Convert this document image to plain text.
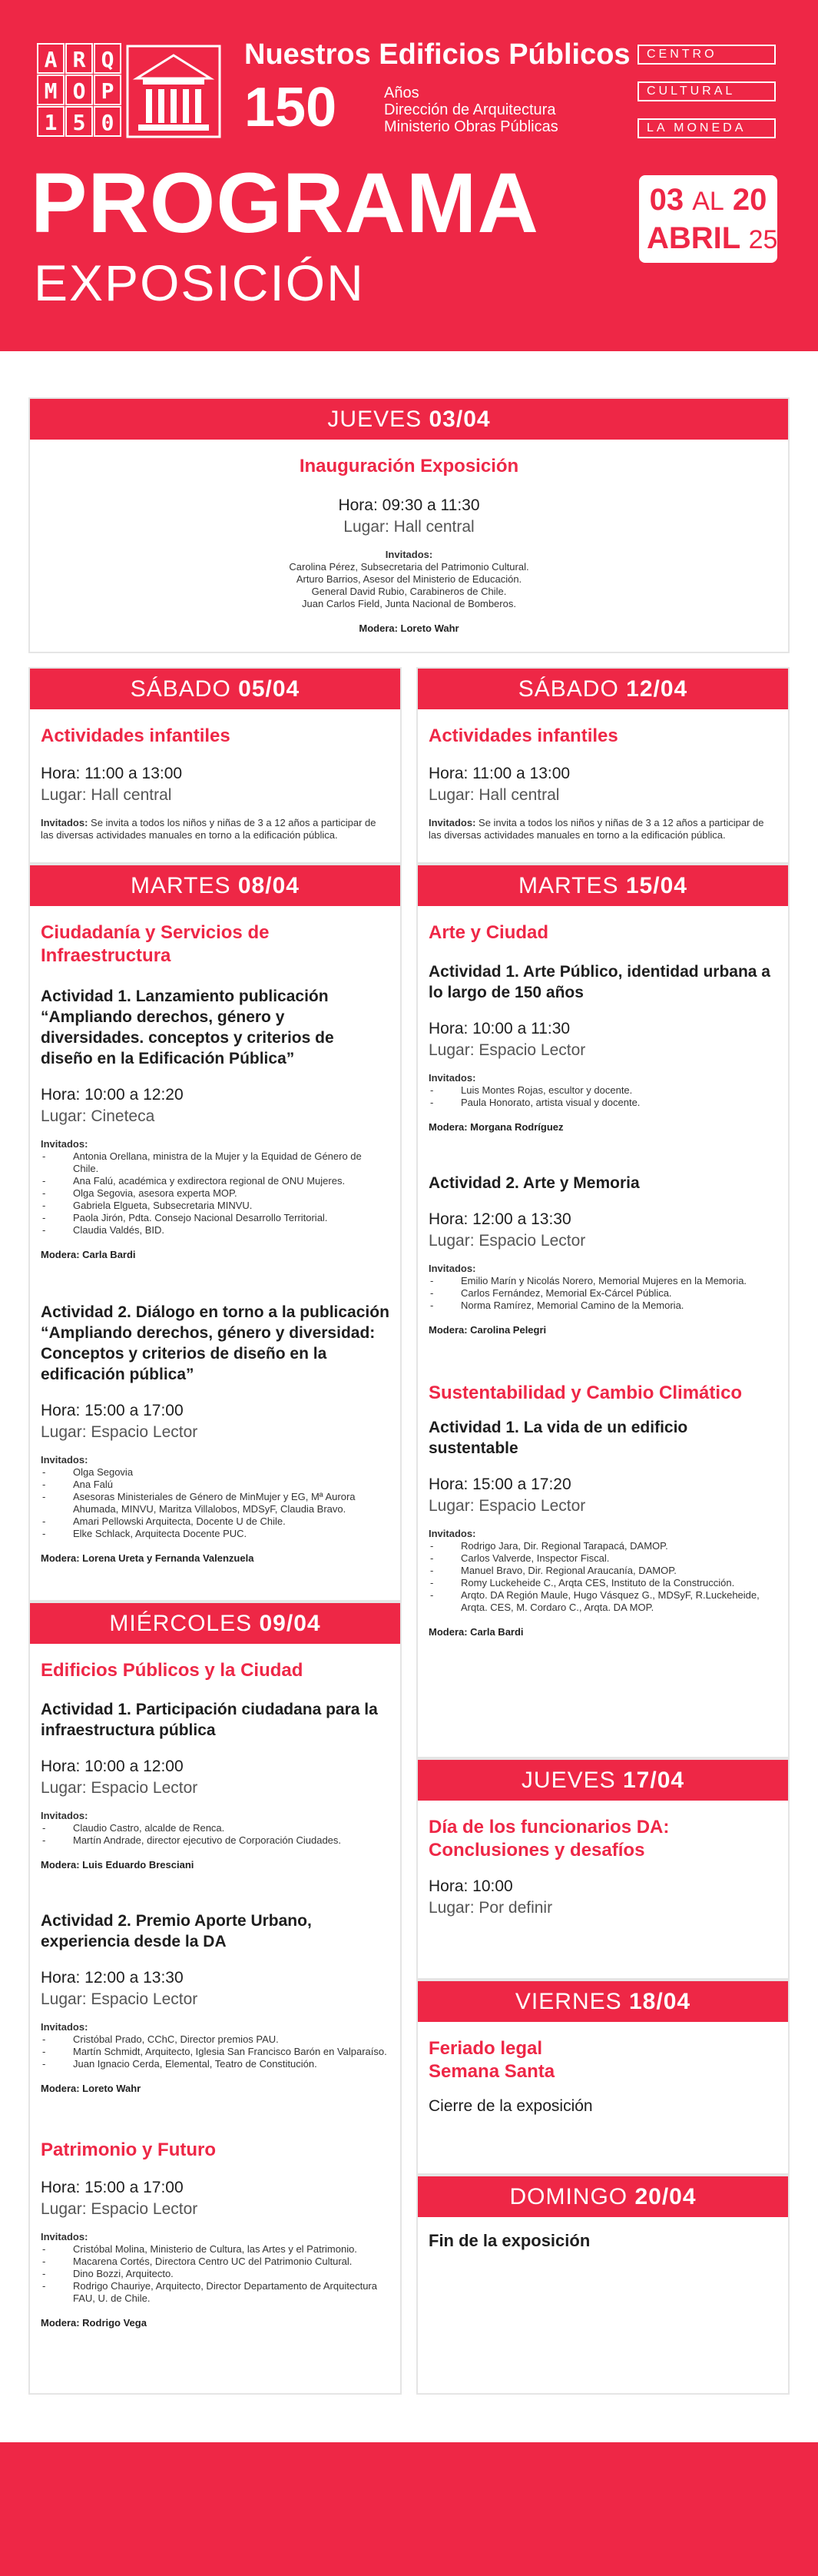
A R Q
M O P
1 5 0
Nuestros Edificios Públicos
150	Años
Dirección de Arquitectura
Ministerio Obras Públicas
CENTRO
CULTURAL
LA MONEDA
PROGRAMA
EXPOSICIÓN
03 AL 20
ABRIL 25
JUEVES 03/04
Inauguración Exposición
Hora: 09:30 a 11:30
Lugar: Hall central
Invitados:
Carolina Pérez, Subsecretaria del Patrimonio Cultural.
Arturo Barrios, Asesor del Ministerio de Educación.
General David Rubio, Carabineros de Chile.
Juan Carlos Field, Junta Nacional de Bomberos.
Modera: Loreto Wahr
SÁBADO 05/04
Actividades infantiles
Hora: 11:00 a 13:00
Lugar: Hall central
Invitados: Se invita a todos los niños y niñas de 3 a 12 años a participar de las diversas actividades manuales en torno a la edificación pública.
SÁBADO 12/04
Actividades infantiles
Hora: 11:00 a 13:00
Lugar: Hall central
Invitados: Se invita a todos los niños y niñas de 3 a 12 años a participar de las diversas actividades manuales en torno a la edificación pública.
MARTES 08/04
Ciudadanía y Servicios de Infraestructura
Actividad 1. Lanzamiento publicación “Ampliando derechos, género y diversidades. conceptos y criterios de diseño en la Edificación Pública”
Hora: 10:00 a 12:20
Lugar: Cineteca
Invitados:
- Antonia Orellana, ministra de la Mujer y la Equidad de Género de Chile.
- Ana Falú, académica y exdirectora regional de ONU Mujeres.
- Olga Segovia, asesora experta MOP.
- Gabriela Elgueta, Subsecretaria MINVU.
- Paola Jirón, Pdta. Consejo Nacional Desarrollo Territorial.
- Claudia Valdés, BID.
Modera: Carla Bardi
Actividad 2. Diálogo en torno a la publicación “Ampliando derechos, género y diversidad: Conceptos y criterios de diseño en la edificación pública”
Hora: 15:00 a 17:00
Lugar: Espacio Lector
Invitados:
- Olga Segovia
- Ana Falú
- Asesoras Ministeriales de Género de MinMujer y EG, Mª Aurora Ahumada, MINVU, Maritza Villalobos, MDSyF, Claudia Bravo.
- Amari Pellowski Arquitecta, Docente U de Chile.
- Elke Schlack, Arquitecta Docente PUC.
Modera: Lorena Ureta y Fernanda Valenzuela
MARTES 15/04
Arte y Ciudad
Actividad 1. Arte Público, identidad urbana a lo largo de 150 años
Hora: 10:00 a 11:30
Lugar: Espacio Lector
Invitados:
- Luis Montes Rojas, escultor y docente.
- Paula Honorato, artista visual y docente.
Modera: Morgana Rodríguez
Actividad 2. Arte y Memoria
Hora: 12:00 a 13:30
Lugar: Espacio Lector
Invitados:
- Emilio Marín y Nicolás Norero, Memorial Mujeres en la Memoria.
- Carlos Fernández, Memorial Ex-Cárcel Pública.
- Norma Ramírez, Memorial Camino de la Memoria.
Modera: Carolina Pelegri
Sustentabilidad y Cambio Climático
Actividad 1. La vida de un edificio sustentable
Hora: 15:00 a 17:20
Lugar: Espacio Lector
Invitados:
- Rodrigo Jara, Dir. Regional Tarapacá, DAMOP.
- Carlos Valverde, Inspector Fiscal.
- Manuel Bravo, Dir. Regional Araucanía, DAMOP.
- Romy Luckeheide C., Arqta CES, Instituto de la Construcción.
- Arqto. DA Región Maule, Hugo Vásquez G., MDSyF, R.Luckeheide, Arqta. CES, M. Cordaro C., Arqta. DA MOP.
Modera: Carla Bardi
MIÉRCOLES 09/04
Edificios Públicos y la Ciudad
Actividad 1. Participación ciudadana para la infraestructura pública
Hora: 10:00 a 12:00
Lugar: Espacio Lector
Invitados:
- Claudio Castro, alcalde de Renca.
- Martín Andrade, director ejecutivo de Corporación Ciudades.
Modera: Luis Eduardo Bresciani
Actividad 2. Premio Aporte Urbano, experiencia desde la DA
Hora: 12:00 a 13:30
Lugar: Espacio Lector
Invitados:
- Cristóbal Prado, CChC, Director premios PAU.
- Martín Schmidt, Arquitecto, Iglesia San Francisco Barón en Valparaíso.
- Juan Ignacio Cerda, Elemental, Teatro de Constitución.
Modera: Loreto Wahr
Patrimonio y Futuro
Hora: 15:00 a 17:00
Lugar: Espacio Lector
Invitados:
- Cristóbal Molina, Ministerio de Cultura, las Artes y el Patrimonio.
- Macarena Cortés, Directora Centro UC del Patrimonio Cultural.
- Dino Bozzi, Arquitecto.
- Rodrigo Chauriye, Arquitecto, Director Departamento de Arquitectura FAU, U. de Chile.
Modera: Rodrigo Vega
JUEVES 17/04
Día de los funcionarios DA: Conclusiones y desafíos
Hora: 10:00
Lugar: Por definir
VIERNES 18/04
Feriado legal Semana Santa
Cierre de la exposición
DOMINGO 20/04
Fin de la exposición
